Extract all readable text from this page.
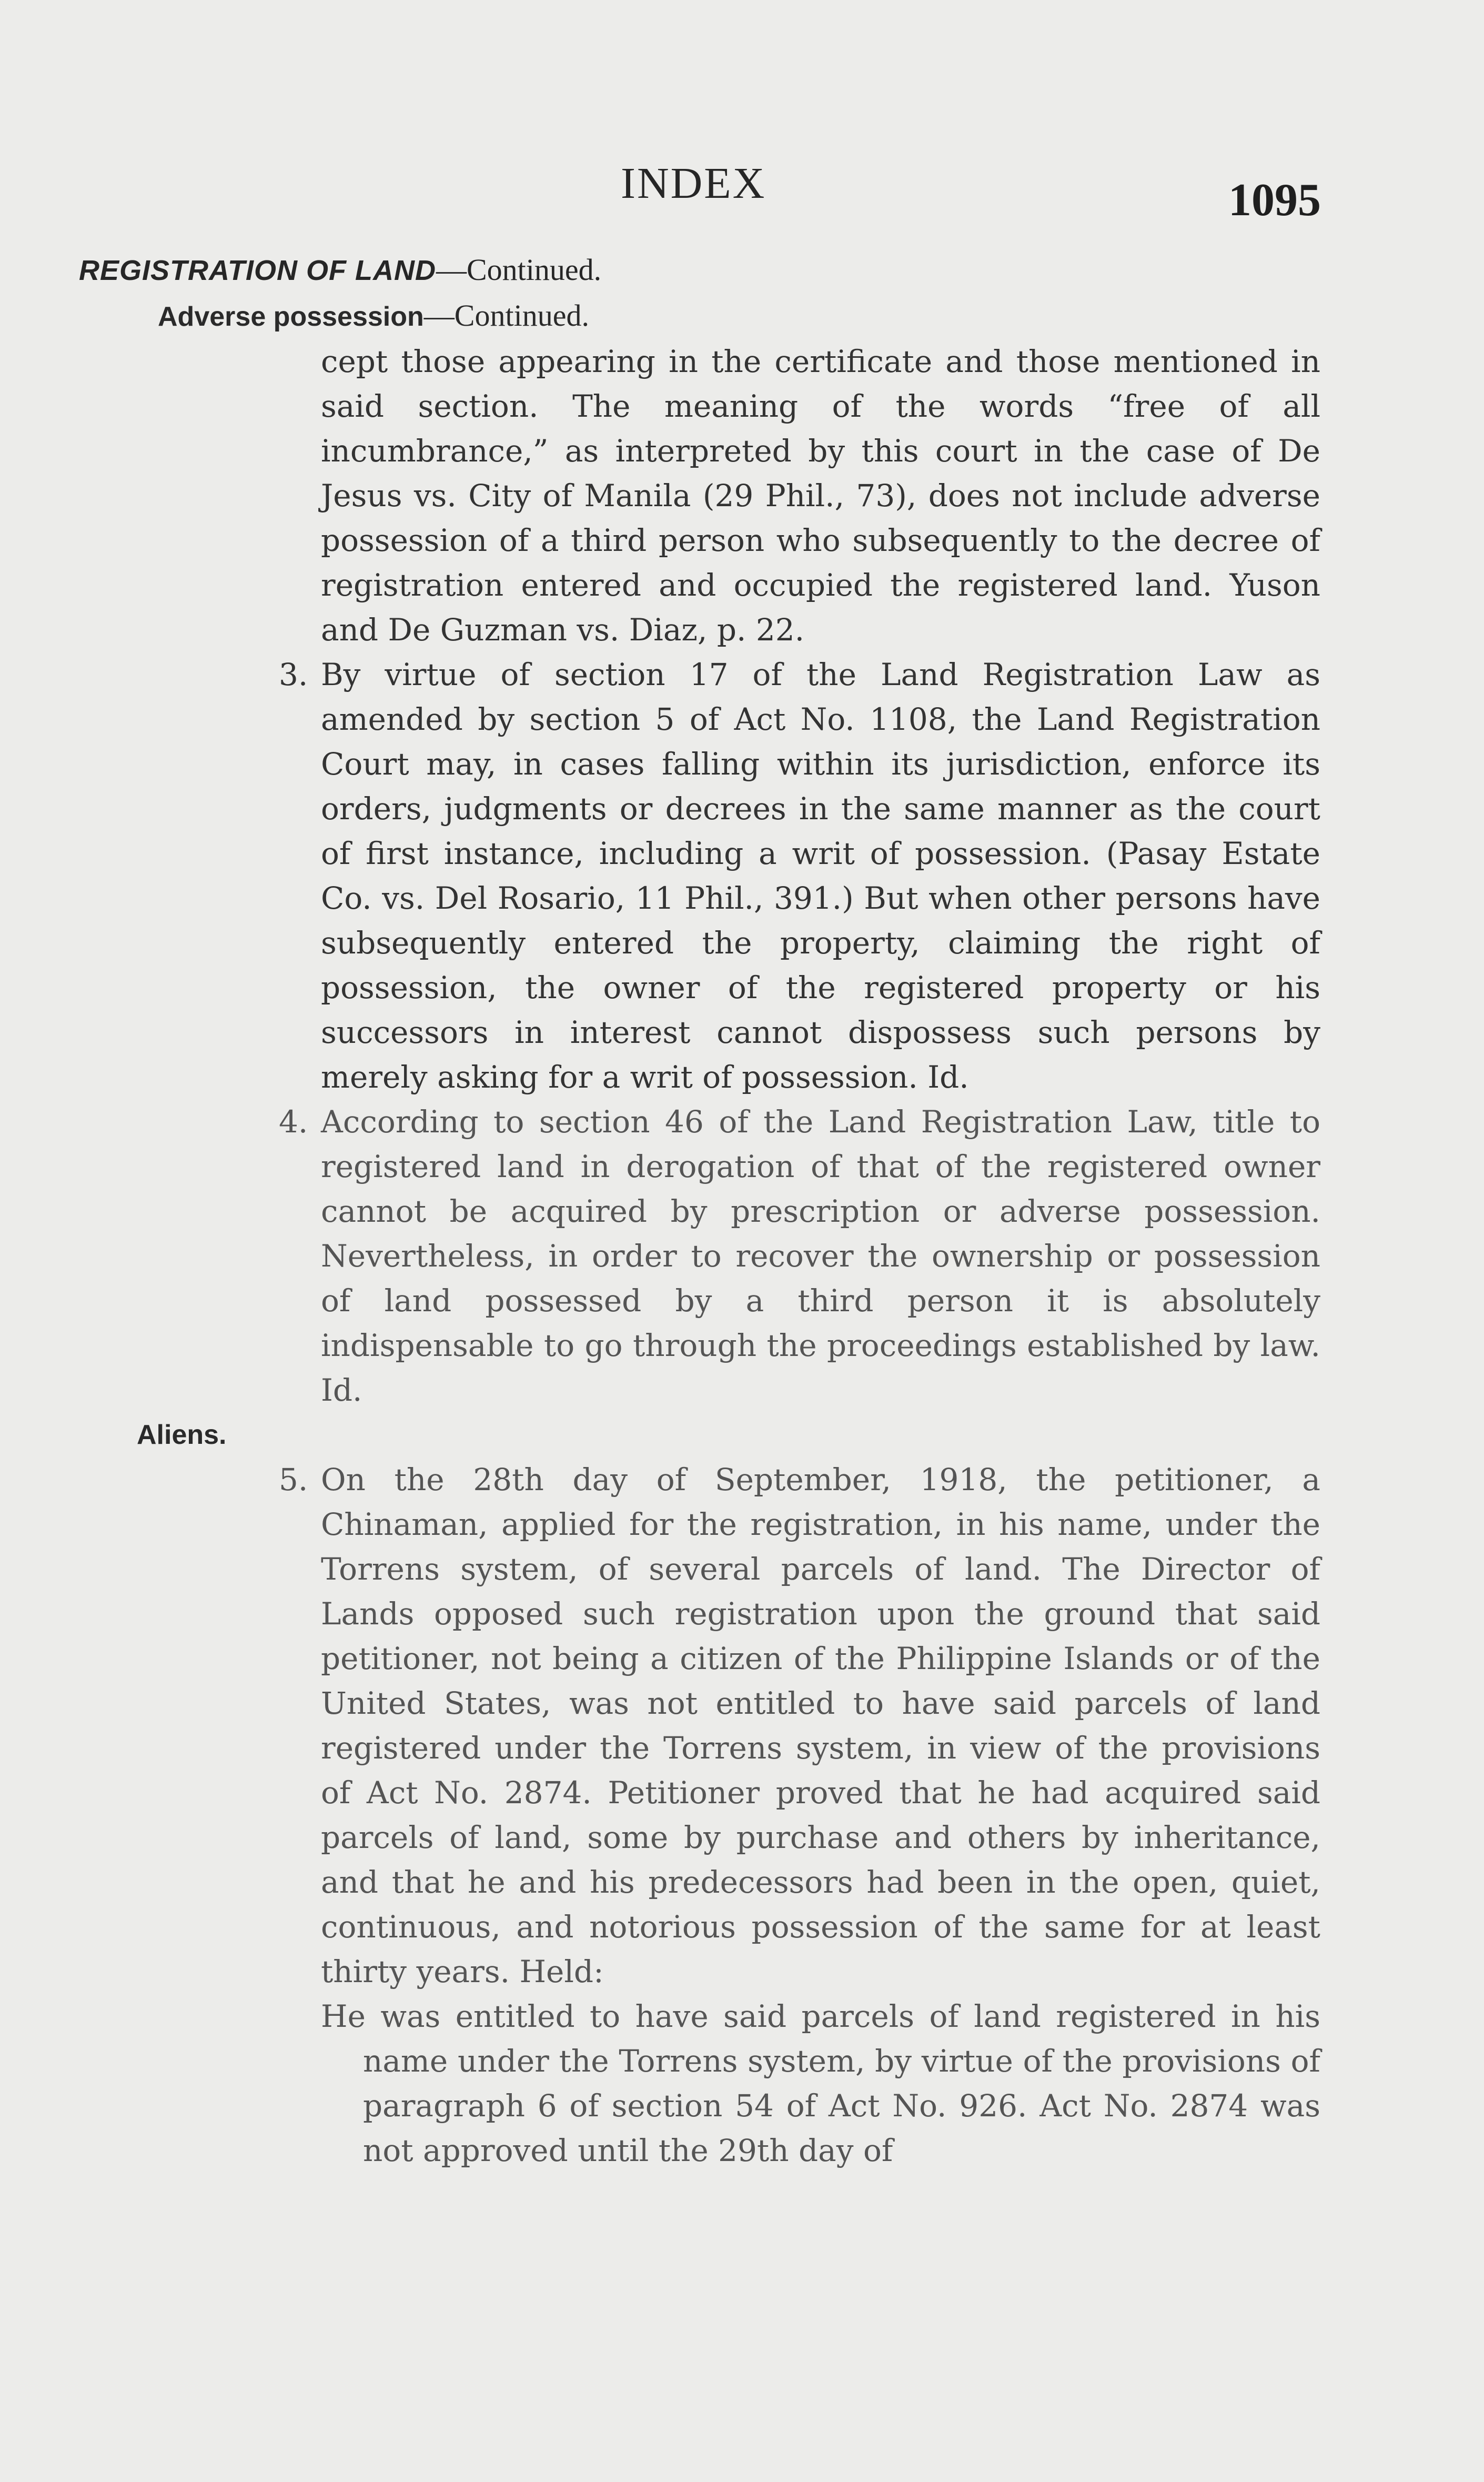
INDEX	1095
REGISTRATION OF LAND—Continued.
Adverse possession—Continued.
cept those appearing in the certificate and those mentioned in said section. The meaning of the words “free of all incumbrance,” as interpreted by this court in the case of De Jesus vs. City of Manila (29 Phil., 73), does not include adverse possession of a third person who subsequently to the decree of registration entered and occupied the registered land. Yuson and De Guzman vs. Diaz, p. 22.
3. By virtue of section 17 of the Land Registration Law as amended by section 5 of Act No. 1108, the Land Registration Court may, in cases falling within its jurisdiction, enforce its orders, judgments or decrees in the same manner as the court of first instance, including a writ of possession. (Pasay Estate Co. vs. Del Rosario, 11 Phil., 391.) But when other persons have subsequently entered the property, claiming the right of possession, the owner of the registered property or his successors in interest cannot dispossess such persons by merely asking for a writ of possession. Id.
4. According to section 46 of the Land Registration Law, title to registered land in derogation of that of the registered owner cannot be acquired by prescription or adverse possession. Nevertheless, in order to recover the ownership or possession of land possessed by a third person it is absolutely indispensable to go through the proceedings established by law. Id.
Aliens.
5. On the 28th day of September, 1918, the petitioner, a Chinaman, applied for the registration, in his name, under the Torrens system, of several parcels of land. The Director of Lands opposed such registration upon the ground that said petitioner, not being a citizen of the Philippine Islands or of the United States, was not entitled to have said parcels of land registered under the Torrens system, in view of the provisions of Act No. 2874. Petitioner proved that he had acquired said parcels of land, some by purchase and others by inheritance, and that he and his predecessors had been in the open, quiet, continuous, and notorious possession of the same for at least thirty years. Held:
He was entitled to have said parcels of land registered in his name under the Torrens system, by virtue of the provisions of paragraph 6 of section 54 of Act No. 926. Act No. 2874 was not approved until the 29th day of
